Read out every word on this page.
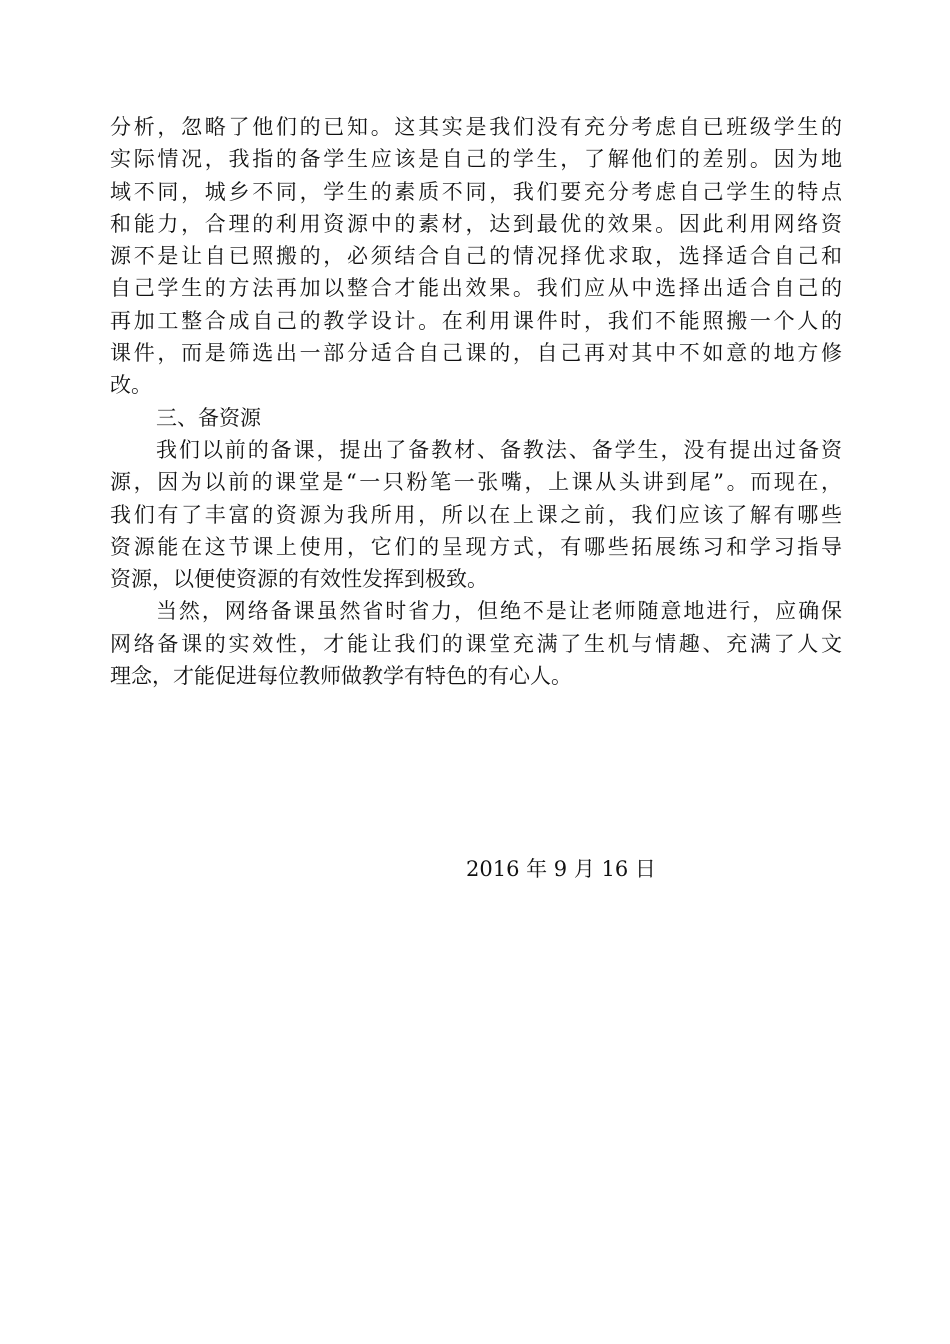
分析，忽略了他们的已知。这其实是我们没有充分考虑自已班级学生的
实际情况，我指的备学生应该是自己的学生，了解他们的差别。因为地
域不同，城乡不同，学生的素质不同，我们要充分考虑自己学生的特点
和能力，合理的利用资源中的素材，达到最优的效果。因此利用网络资
源不是让自已照搬的，必须结合自己的情况择优求取，选择适合自己和
自己学生的方法再加以整合才能出效果。我们应从中选择出适合自己的
再加工整合成自己的教学设计。在利用课件时，我们不能照搬一个人的
课件，而是筛选出一部分适合自己课的，自己再对其中不如意的地方修
改。
三、备资源
我们以前的备课，提出了备教材、备教法、备学生，没有提出过备资
源，因为以前的课堂是“一只粉笔一张嘴，上课从头讲到尾”。而现在，
我们有了丰富的资源为我所用，所以在上课之前，我们应该了解有哪些
资源能在这节课上使用，它们的呈现方式，有哪些拓展练习和学习指导
资源，以便使资源的有效性发挥到极致。
当然，网络备课虽然省时省力，但绝不是让老师随意地进行，应确保
网络备课的实效性，才能让我们的课堂充满了生机与情趣、充满了人文
理念，才能促进每位教师做教学有特色的有心人。
2016 年 9 月 16 日
